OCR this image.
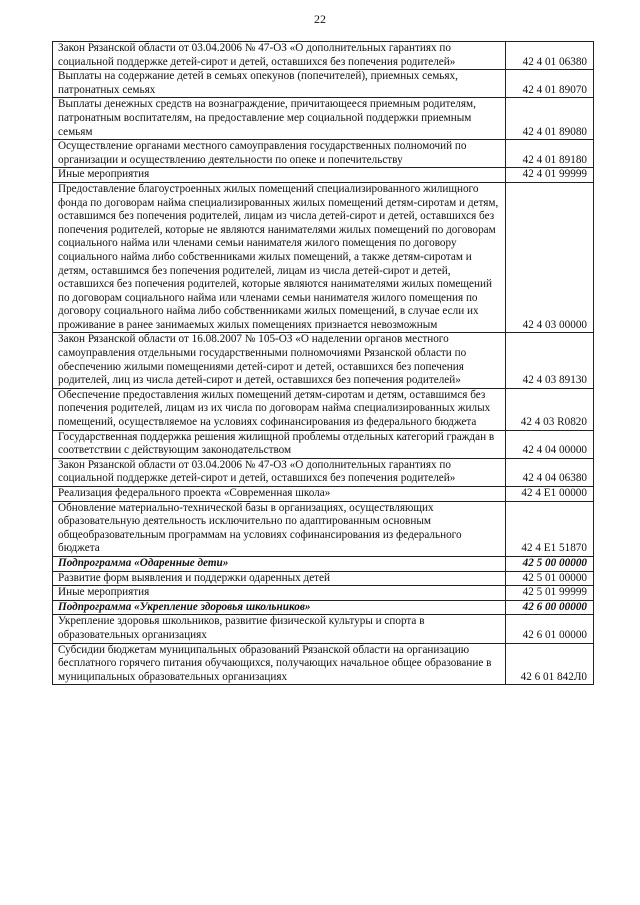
22
Закон Рязанской области от 03.04.2006 № 47-ОЗ «О дополнительных гарантиях по социальной поддержке детей-сирот и детей, оставшихся без попечения родителей»	42 4 01 06380
Выплаты на содержание детей в семьях опекунов (попечителей), приемных семьях, патронатных семьях	42 4 01 89070
Выплаты денежных средств на вознаграждение, причитающееся приемным родителям, патронатным воспитателям, на предоставление мер социальной поддержки приемным семьям	42 4 01 89080
Осуществление органами местного самоуправления государственных полномочий по организации и осуществлению деятельности по опеке и попечительству	42 4 01 89180
Иные мероприятия	42 4 01 99999
Предоставление благоустроенных жилых помещений специализированного жилищного фонда по договорам найма специализированных жилых помещений детям-сиротам и детям, оставшимся без попечения родителей, лицам из числа детей-сирот и детей, оставшихся без попечения родителей, которые не являются нанимателями жилых помещений по договорам социального найма или членами семьи нанимателя жилого помещения по договору социального найма либо собственниками жилых помещений, а также детям-сиротам и детям, оставшимся без попечения родителей, лицам из числа детей-сирот и детей, оставшихся без попечения родителей, которые являются нанимателями жилых помещений по договорам социального найма или членами семьи нанимателя жилого помещения по договору социального найма либо собственниками жилых помещений, в случае если их проживание в ранее занимаемых жилых помещениях признается невозможным	42 4 03 00000
Закон Рязанской области от 16.08.2007 № 105-ОЗ «О наделении органов местного самоуправления отдельными государственными полномочиями Рязанской области по обеспечению жилыми помещениями детей-сирот и детей, оставшихся без попечения родителей, лиц из числа детей-сирот и детей, оставшихся без попечения родителей»	42 4 03 89130
Обеспечение предоставления жилых помещений детям-сиротам и детям, оставшимся без попечения родителей, лицам из их числа по договорам найма специализированных жилых помещений, осуществляемое на условиях софинансирования из федерального бюджета	42 4 03 R0820
Государственная поддержка решения жилищной проблемы отдельных категорий граждан в соответствии с действующим законодательством	42 4 04 00000
Закон Рязанской области от 03.04.2006 № 47-ОЗ «О дополнительных гарантиях по социальной поддержке детей-сирот и детей, оставшихся без попечения родителей»	42 4 04 06380
Реализация федерального проекта «Современная школа»	42 4 E1 00000
Обновление материально-технической базы в организациях, осуществляющих образовательную деятельность исключительно по адаптированным основным общеобразовательным программам на условиях софинансирования из федерального бюджета	42 4 E1 51870
Подпрограмма «Одаренные дети»	42 5 00 00000
Развитие форм выявления и поддержки одаренных детей	42 5 01 00000
Иные мероприятия	42 5 01 99999
Подпрограмма «Укрепление здоровья школьников»	42 6 00 00000
Укрепление здоровья школьников, развитие физической культуры и спорта в образовательных организациях	42 6 01 00000
Субсидии бюджетам муниципальных образований Рязанской области на организацию бесплатного горячего питания обучающихся, получающих начальное общее образование в муниципальных образовательных организациях	42 6 01 842Л0
